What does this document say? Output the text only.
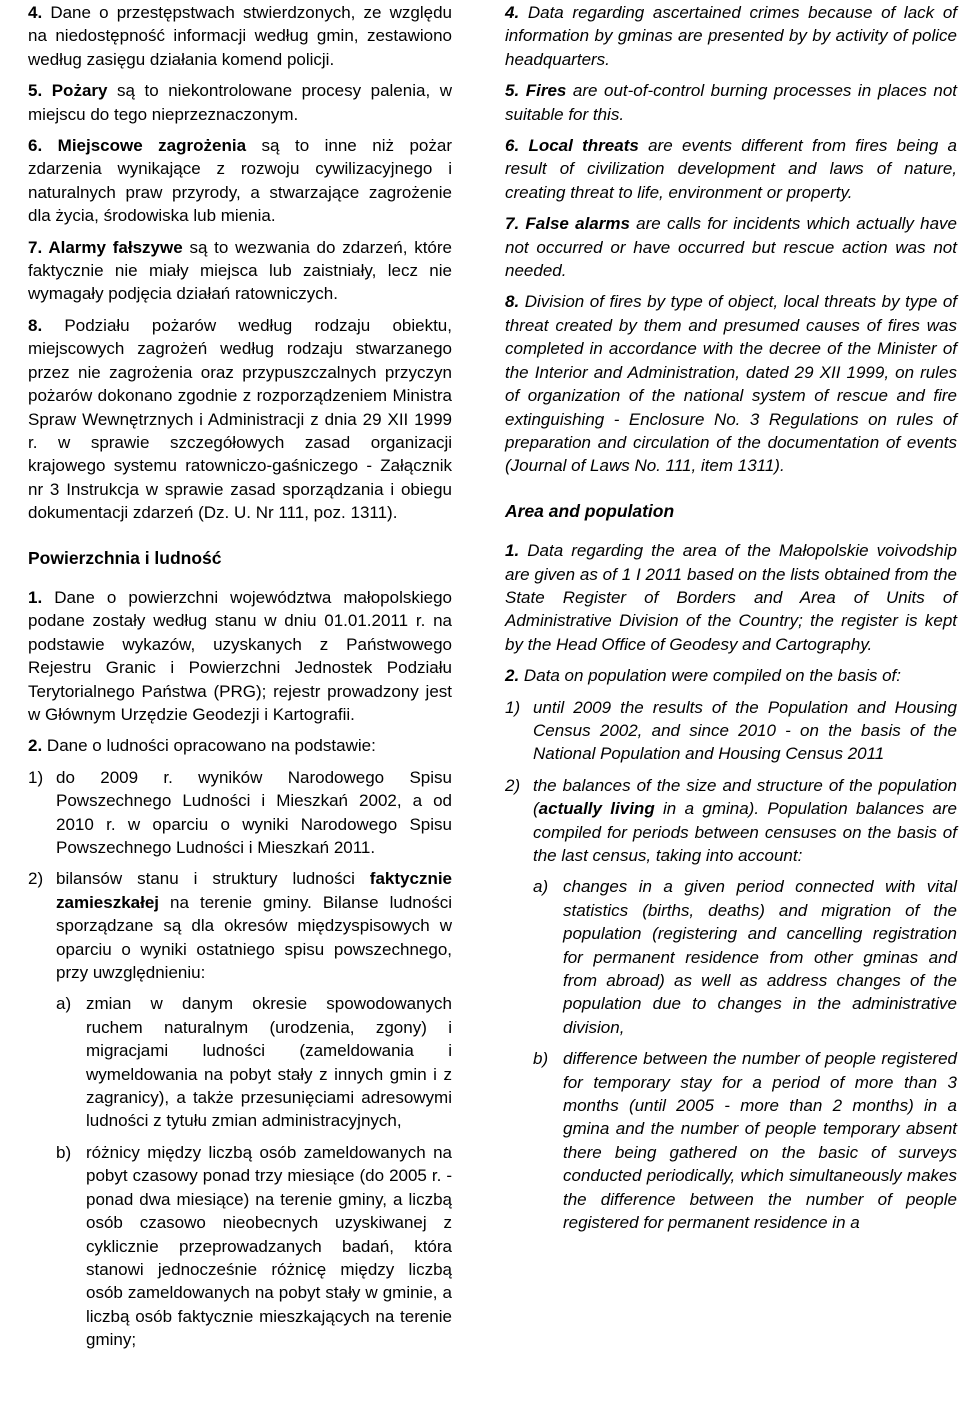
4. Dane o przestępstwach stwierdzonych, ze względu na niedostępność informacji według gmin, zestawiono według zasięgu działania komend policji.

5. Pożary są to niekontrolowane procesy palenia, w miejscu do tego nieprzeznaczonym.

6. Miejscowe zagrożenia są to inne niż pożar zdarzenia wynikające z rozwoju cywilizacyjnego i naturalnych praw przyrody, a stwarzające zagrożenie dla życia, środowiska lub mienia.

7. Alarmy fałszywe są to wezwania do zdarzeń, które faktycznie nie miały miejsca lub zaistniały, lecz nie wymagały podjęcia działań ratowniczych.

8. Podziału pożarów według rodzaju obiektu, miejscowych zagrożeń według rodzaju stwarzanego przez nie zagrożenia oraz przypuszczalnych przyczyn pożarów dokonano zgodnie z rozporządzeniem Ministra Spraw Wewnętrznych i Administracji z dnia 29 XII 1999 r. w sprawie szczegółowych zasad organizacji krajowego systemu ratowniczo-gaśniczego - Załącznik nr 3 Instrukcja w sprawie zasad sporządzania i obiegu dokumentacji zdarzeń (Dz. U. Nr 111, poz. 1311).

Powierzchnia i ludność

1. Dane o powierzchni województwa małopolskiego podane zostały według stanu w dniu 01.01.2011 r. na podstawie wykazów, uzyskanych z Państwowego Rejestru Granic i Powierzchni Jednostek Podziału Terytorialnego Państwa (PRG); rejestr prowadzony jest w Głównym Urzędzie Geodezji i Kartografii.

2. Dane o ludności opracowano na podstawie:

1) do 2009 r. wyników Narodowego Spisu Powszechnego Ludności i Mieszkań 2002, a od 2010 r. w oparciu o wyniki Narodowego Spisu Powszechnego Ludności i Mieszkań 2011.
2) bilansów stanu i struktury ludności faktycznie zamieszkałej na terenie gminy. Bilanse ludności sporządzane są dla okresów międzyspisowych w oparciu o wyniki ostatniego spisu powszechnego, przy uwzględnieniu:
a) zmian w danym okresie spowodowanych ruchem naturalnym (urodzenia, zgony) i migracjami ludności (zameldowania i wymeldowania na pobyt stały z innych gmin i z zagranicy), a także przesunięciami adresowymi ludności z tytułu zmian administracyjnych,
b) różnicy między liczbą osób zameldowanych na pobyt czasowy ponad trzy miesiące (do 2005 r. - ponad dwa miesiące) na terenie gminy, a liczbą osób czasowo nieobecnych uzyskiwanej z cyklicznie przeprowadzanych badań, która stanowi jednocześnie różnicę między liczbą osób zameldowanych na pobyt stały w gminie, a liczbą osób faktycznie mieszkających na terenie gminy;

4. Data regarding ascertained crimes because of lack of information by gminas are presented by by activity of police headquarters.

5. Fires are out-of-control burning processes in places not suitable for this.

6. Local threats are events different from fires being a result of civilization development and laws of nature, creating threat to life, environment or property.

7. False alarms are calls for incidents which actually have not occurred or have occurred but rescue action was not needed.

8. Division of fires by type of object, local threats by type of threat created by them and presumed causes of fires was completed in accordance with the decree of the Minister of the Interior and Administration, dated 29 XII 1999, on rules of organization of the national system of rescue and fire extinguishing - Enclosure No. 3 Regulations on rules of preparation and circulation of the documentation of events (Journal of Laws No. 111, item 1311).

Area and population

1. Data regarding the area of the Małopolskie voivodship are given as of 1 I 2011 based on the lists obtained from the State Register of Borders and Area of Units of Administrative Division of the Country; the register is kept by the Head Office of Geodesy and Cartography.

2. Data on population were compiled on the basis of:

1) until 2009 the results of the Population and Housing Census 2002, and since 2010 - on the basis of the National Population and Housing Census 2011
2) the balances of the size and structure of the population (actually living in a gmina). Population balances are compiled for periods between censuses on the basis of the last census, taking into account:
a) changes in a given period connected with vital statistics (births, deaths) and migration of the population (registering and cancelling registration for permanent residence from other gminas and from abroad) as well as address changes of the population due to changes in the administrative division,
b) difference between the number of people registered for temporary stay for a period of more than 3 months (until 2005 - more than 2 months) in a gmina and the number of people temporary absent there being gathered on the basic of surveys conducted periodically, which simultaneously makes the difference between the number of people registered for permanent residence in a
